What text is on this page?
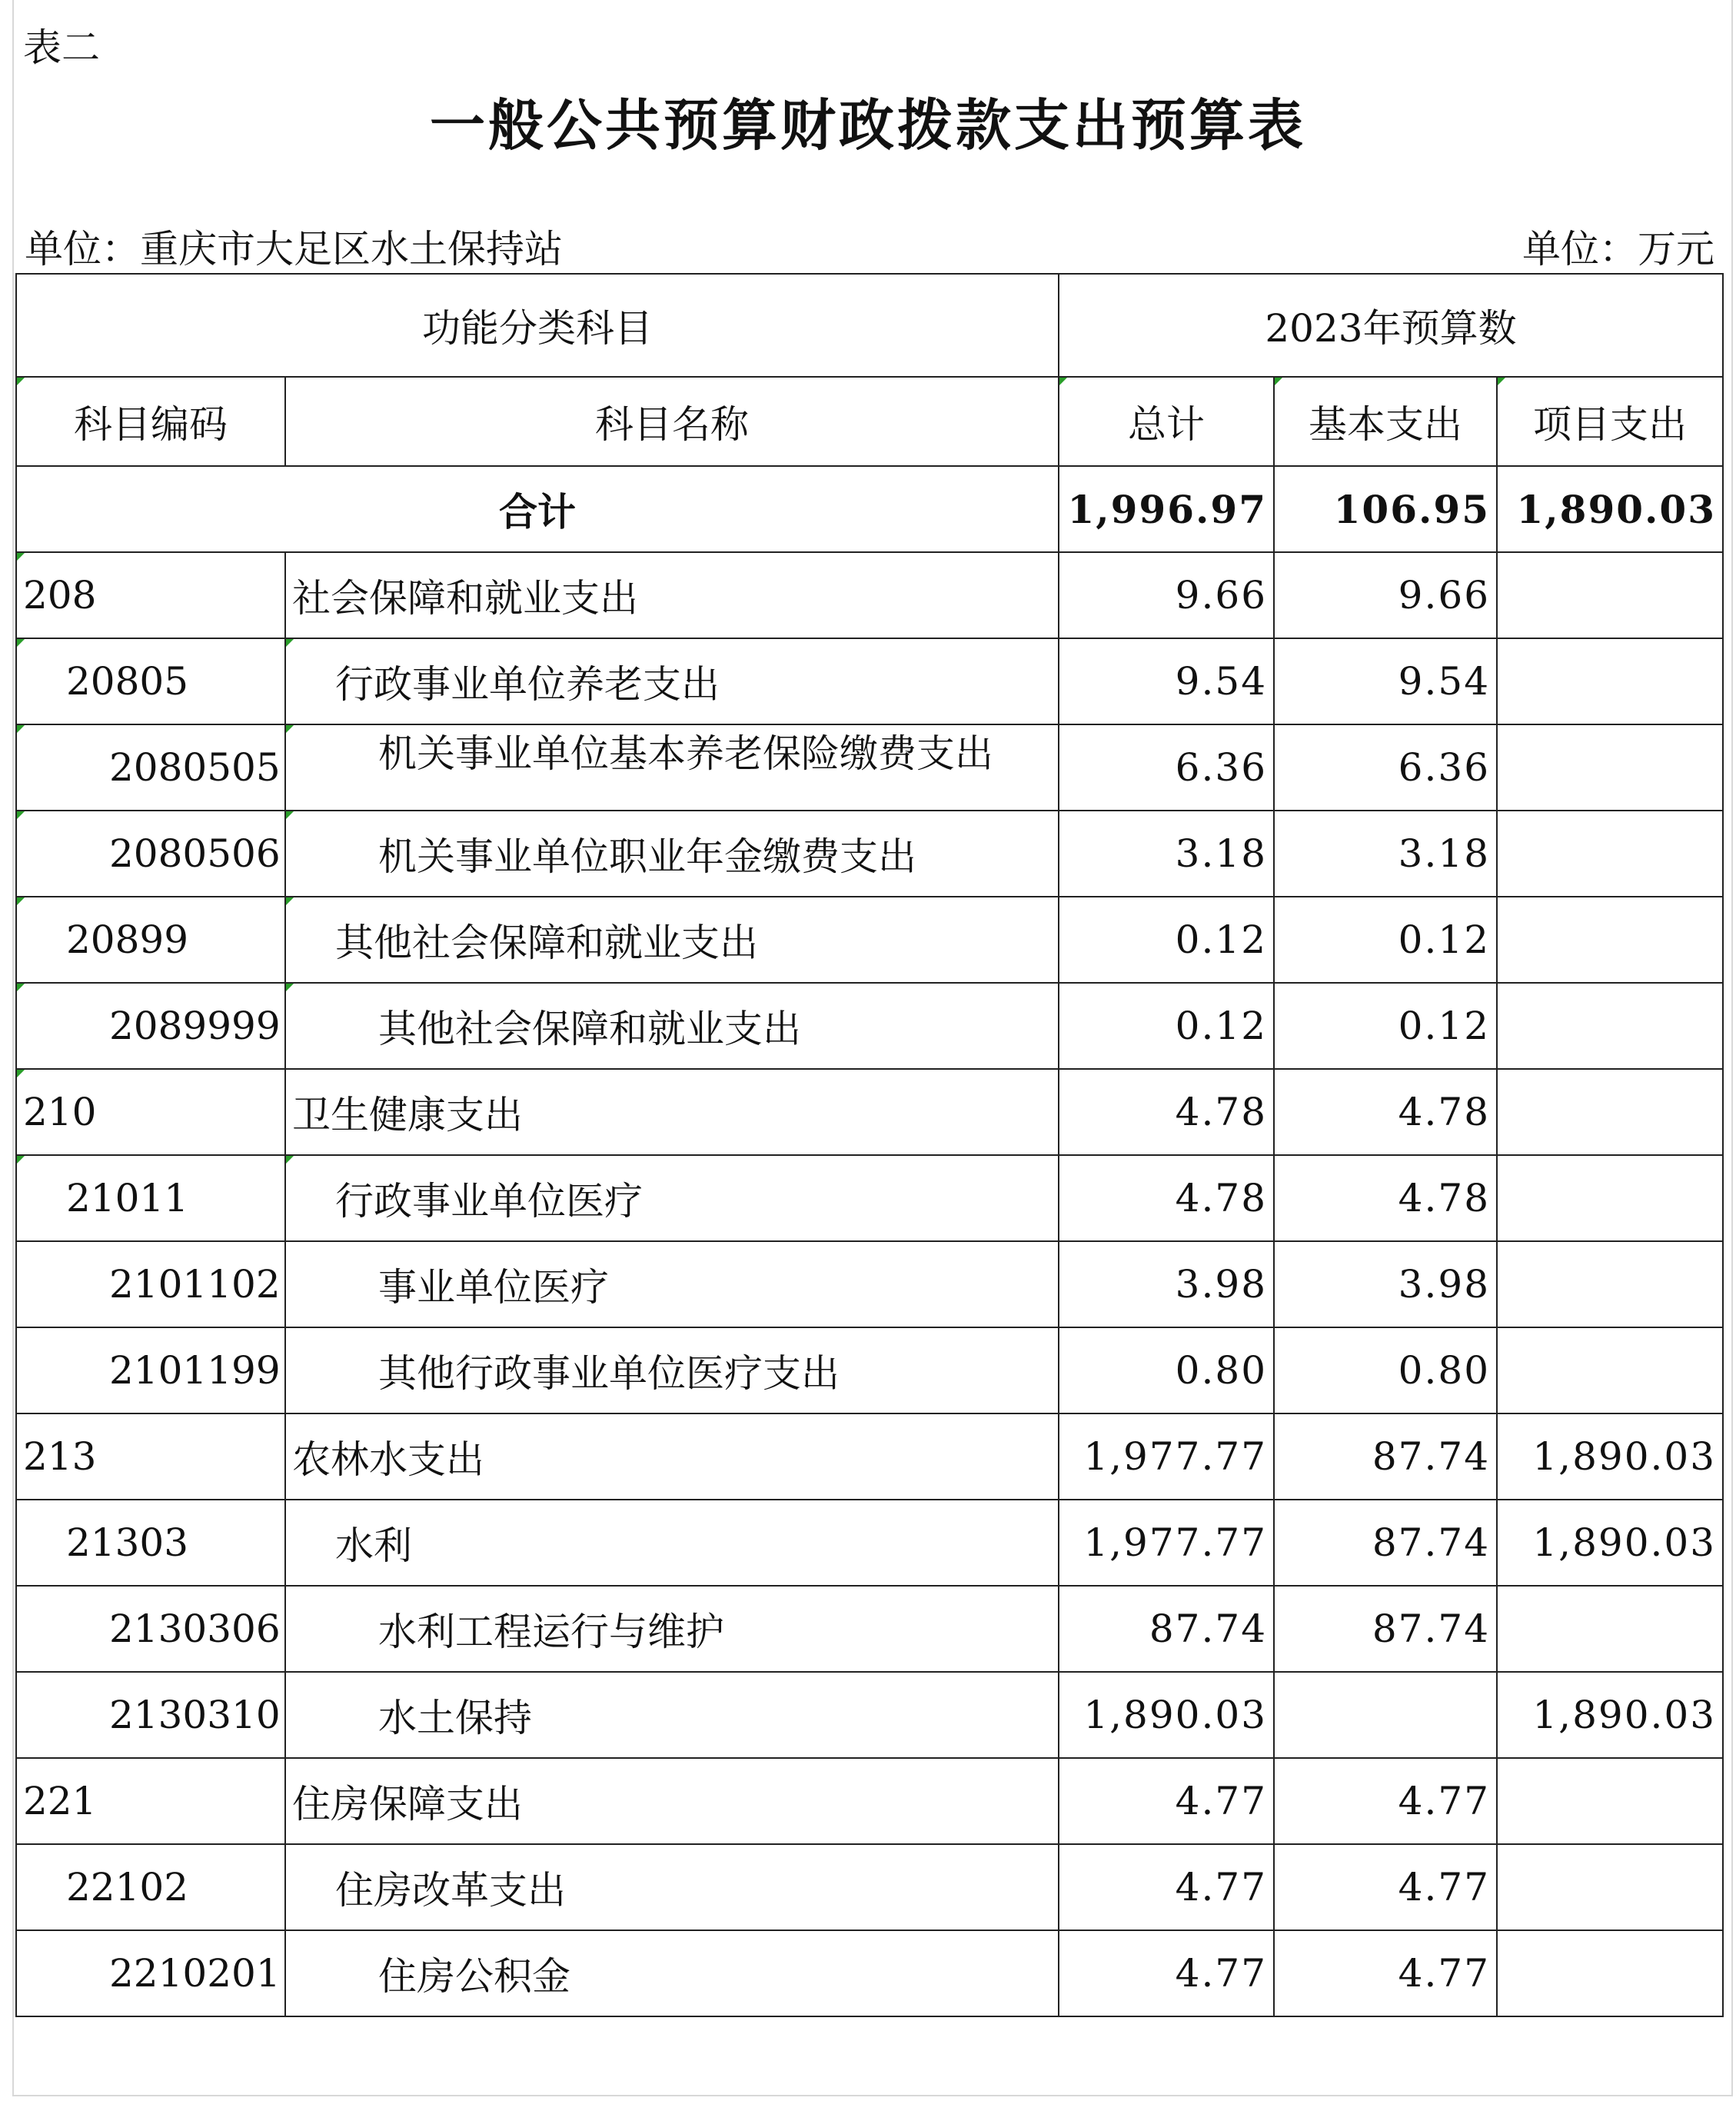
表二
一般公共预算财政拨款支出预算表
单位：重庆市大足区水土保持站	单位：万元
功能分类科目		2023年预算数		
科目编码	科目名称	总计	基本支出	项目支出
合计		1,996.97	106.95	1,890.03
208	社会保障和就业支出	9.66	9.66	
20805	行政事业单位养老支出	9.54	9.54	
2080505	机关事业单位基本养老保险缴费支出	6.36	6.36	
2080506	机关事业单位职业年金缴费支出	3.18	3.18	
20899	其他社会保障和就业支出	0.12	0.12	
2089999	其他社会保障和就业支出	0.12	0.12	
210	卫生健康支出	4.78	4.78	
21011	行政事业单位医疗	4.78	4.78	
2101102	事业单位医疗	3.98	3.98	
2101199	其他行政事业单位医疗支出	0.80	0.80	
213	农林水支出	1,977.77	87.74	1,890.03
21303	水利	1,977.77	87.74	1,890.03
2130306	水利工程运行与维护	87.74	87.74	
2130310	水土保持	1,890.03		1,890.03
221	住房保障支出	4.77	4.77	
22102	住房改革支出	4.77	4.77	
2210201	住房公积金	4.77	4.77	
